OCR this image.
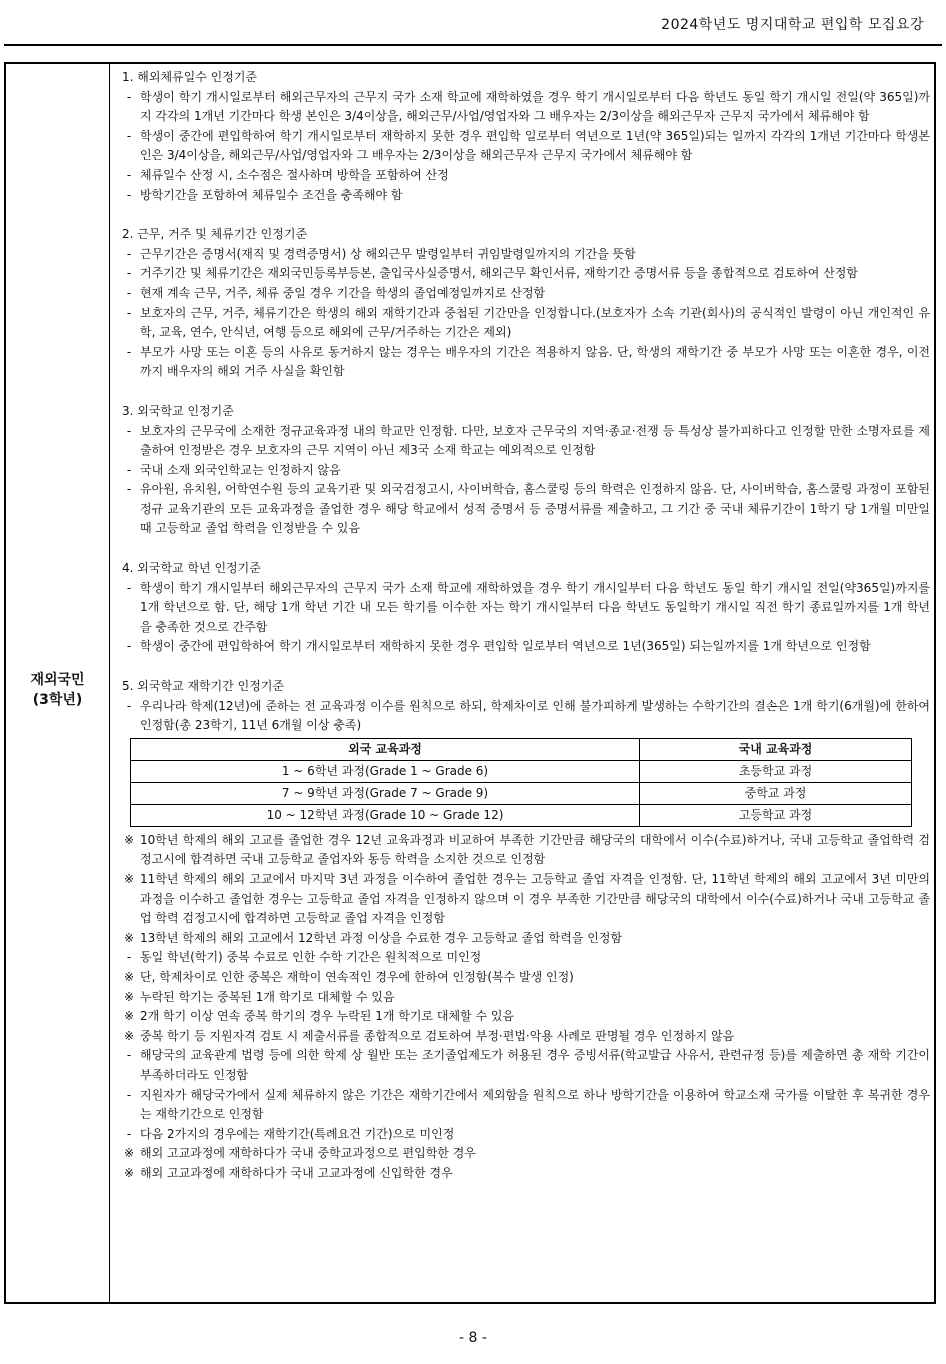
2024학년도 명지대학교 편입학 모집요강
재외국민
(3학년)
1. 해외체류일수 인정기준
- 학생이 학기 개시일로부터 해외근무자의 근무지 국가 소재 학교에 재학하였을 경우 학기 개시일로부터 다음 학년도 동일 학기 개시일 전일(약 365일)까지 각각의 1개년 기간마다 학생 본인은 3/4이상을, 해외근무/사업/영업자와 그 배우자는 2/3이상을 해외근무자 근무지 국가에서 체류해야 함
- 학생이 중간에 편입학하여 학기 개시일로부터 재학하지 못한 경우 편입학 일로부터 역년으로 1년(약 365일)되는 일까지 각각의 1개년 기간마다 학생본인은 3/4이상을, 해외근무/사업/영업자와 그 배우자는 2/3이상을 해외근무자 근무지 국가에서 체류해야 함
- 체류일수 산정 시, 소수점은 절사하며 방학을 포함하여 산정
- 방학기간을 포함하여 체류일수 조건을 충족해야 함
2. 근무, 거주 및 체류기간 인정기준
- 근무기간은 증명서(재직 및 경력증명서) 상 해외근무 발령일부터 귀임발령일까지의 기간을 뜻함
- 거주기간 및 체류기간은 재외국민등록부등본, 출입국사실증명서, 해외근무 확인서류, 재학기간 증명서류 등을 종합적으로 검토하여 산정함
- 현재 계속 근무, 거주, 체류 중일 경우 기간을 학생의 졸업예정일까지로 산정함
- 보호자의 근무, 거주, 체류기간은 학생의 해외 재학기간과 중첩된 기간만을 인정합니다.(보호자가 소속 기관(회사)의 공식적인 발령이 아닌 개인적인 유학, 교육, 연수, 안식년, 여행 등으로 해외에 근무/거주하는 기간은 제외)
- 부모가 사망 또는 이혼 등의 사유로 동거하지 않는 경우는 배우자의 기간은 적용하지 않음. 단, 학생의 재학기간 중 부모가 사망 또는 이혼한 경우, 이전까지 배우자의 해외 거주 사실을 확인함
3. 외국학교 인정기준
- 보호자의 근무국에 소재한 정규교육과정 내의 학교만 인정함. 다만, 보호자 근무국의 지역·종교·전쟁 등 특성상 불가피하다고 인정할 만한 소명자료를 제출하여 인정받은 경우 보호자의 근무 지역이 아닌 제3국 소재 학교는 예외적으로 인정함
- 국내 소재 외국인학교는 인정하지 않음
- 유아원, 유치원, 어학연수원 등의 교육기관 및 외국검정고시, 사이버학습, 홈스쿨링 등의 학력은 인정하지 않음. 단, 사이버학습, 홈스쿨링 과정이 포함된 정규 교육기관의 모든 교육과정을 졸업한 경우 해당 학교에서 성적 증명서 등 증명서류를 제출하고, 그 기간 중 국내 체류기간이 1학기 당 1개월 미만일 때 고등학교 졸업 학력을 인정받을 수 있음
4. 외국학교 학년 인정기준
- 학생이 학기 개시일부터 해외근무자의 근무지 국가 소재 학교에 재학하였을 경우 학기 개시일부터 다음 학년도 동일 학기 개시일 전일(약365일)까지를 1개 학년으로 함. 단, 해당 1개 학년 기간 내 모든 학기를 이수한 자는 학기 개시일부터 다음 학년도 동일학기 개시일 직전 학기 종료일까지를 1개 학년을 충족한 것으로 간주함
- 학생이 중간에 편입학하여 학기 개시일로부터 재학하지 못한 경우 편입학 일로부터 역년으로 1년(365일) 되는일까지를 1개 학년으로 인정함
5. 외국학교 재학기간 인정기준
- 우리나라 학제(12년)에 준하는 전 교육과정 이수를 원칙으로 하되, 학제차이로 인해 불가피하게 발생하는 수학기간의 결손은 1개 학기(6개월)에 한하여 인정함(총 23학기, 11년 6개월 이상 충족)
외국 교육과정	국내 교육과정
1 ~ 6학년 과정(Grade 1 ~ Grade 6)	초등학교 과정
7 ~ 9학년 과정(Grade 7 ~ Grade 9)	중학교 과정
10 ~ 12학년 과정(Grade 10 ~ Grade 12)	고등학교 과정
※ 10학년 학제의 해외 고교를 졸업한 경우 12년 교육과정과 비교하여 부족한 기간만큼 해당국의 대학에서 이수(수료)하거나, 국내 고등학교 졸업학력 검정고시에 합격하면 국내 고등학교 졸업자와 동등 학력을 소지한 것으로 인정함
※ 11학년 학제의 해외 고교에서 마지막 3년 과정을 이수하여 졸업한 경우는 고등학교 졸업 자격을 인정함. 단, 11학년 학제의 해외 고교에서 3년 미만의 과정을 이수하고 졸업한 경우는 고등학교 졸업 자격을 인정하지 않으며 이 경우 부족한 기간만큼 해당국의 대학에서 이수(수료)하거나 국내 고등학교 졸업 학력 검정고시에 합격하면 고등학교 졸업 자격을 인정함
※ 13학년 학제의 해외 고교에서 12학년 과정 이상을 수료한 경우 고등학교 졸업 학력을 인정함
- 동일 학년(학기) 중복 수료로 인한 수학 기간은 원칙적으로 미인정
※ 단, 학제차이로 인한 중복은 재학이 연속적인 경우에 한하여 인정함(복수 발생 인정)
※ 누락된 학기는 중복된 1개 학기로 대체할 수 있음
※ 2개 학기 이상 연속 중복 학기의 경우 누락된 1개 학기로 대체할 수 있음
※ 중복 학기 등 지원자격 검토 시 제출서류를 종합적으로 검토하여 부정·편법·악용 사례로 판명될 경우 인정하지 않음
- 해당국의 교육관계 법령 등에 의한 학제 상 월반 또는 조기졸업제도가 허용된 경우 증빙서류(학교발급 사유서, 관련규정 등)를 제출하면 총 재학 기간이 부족하더라도 인정함
- 지원자가 해당국가에서 실제 체류하지 않은 기간은 재학기간에서 제외함을 원칙으로 하나 방학기간을 이용하여 학교소재 국가를 이탈한 후 복귀한 경우는 재학기간으로 인정함
- 다음 2가지의 경우에는 재학기간(특례요건 기간)으로 미인정
※ 해외 고교과정에 재학하다가 국내 중학교과정으로 편입학한 경우
※ 해외 고교과정에 재학하다가 국내 고교과정에 신입학한 경우
- 8 -
